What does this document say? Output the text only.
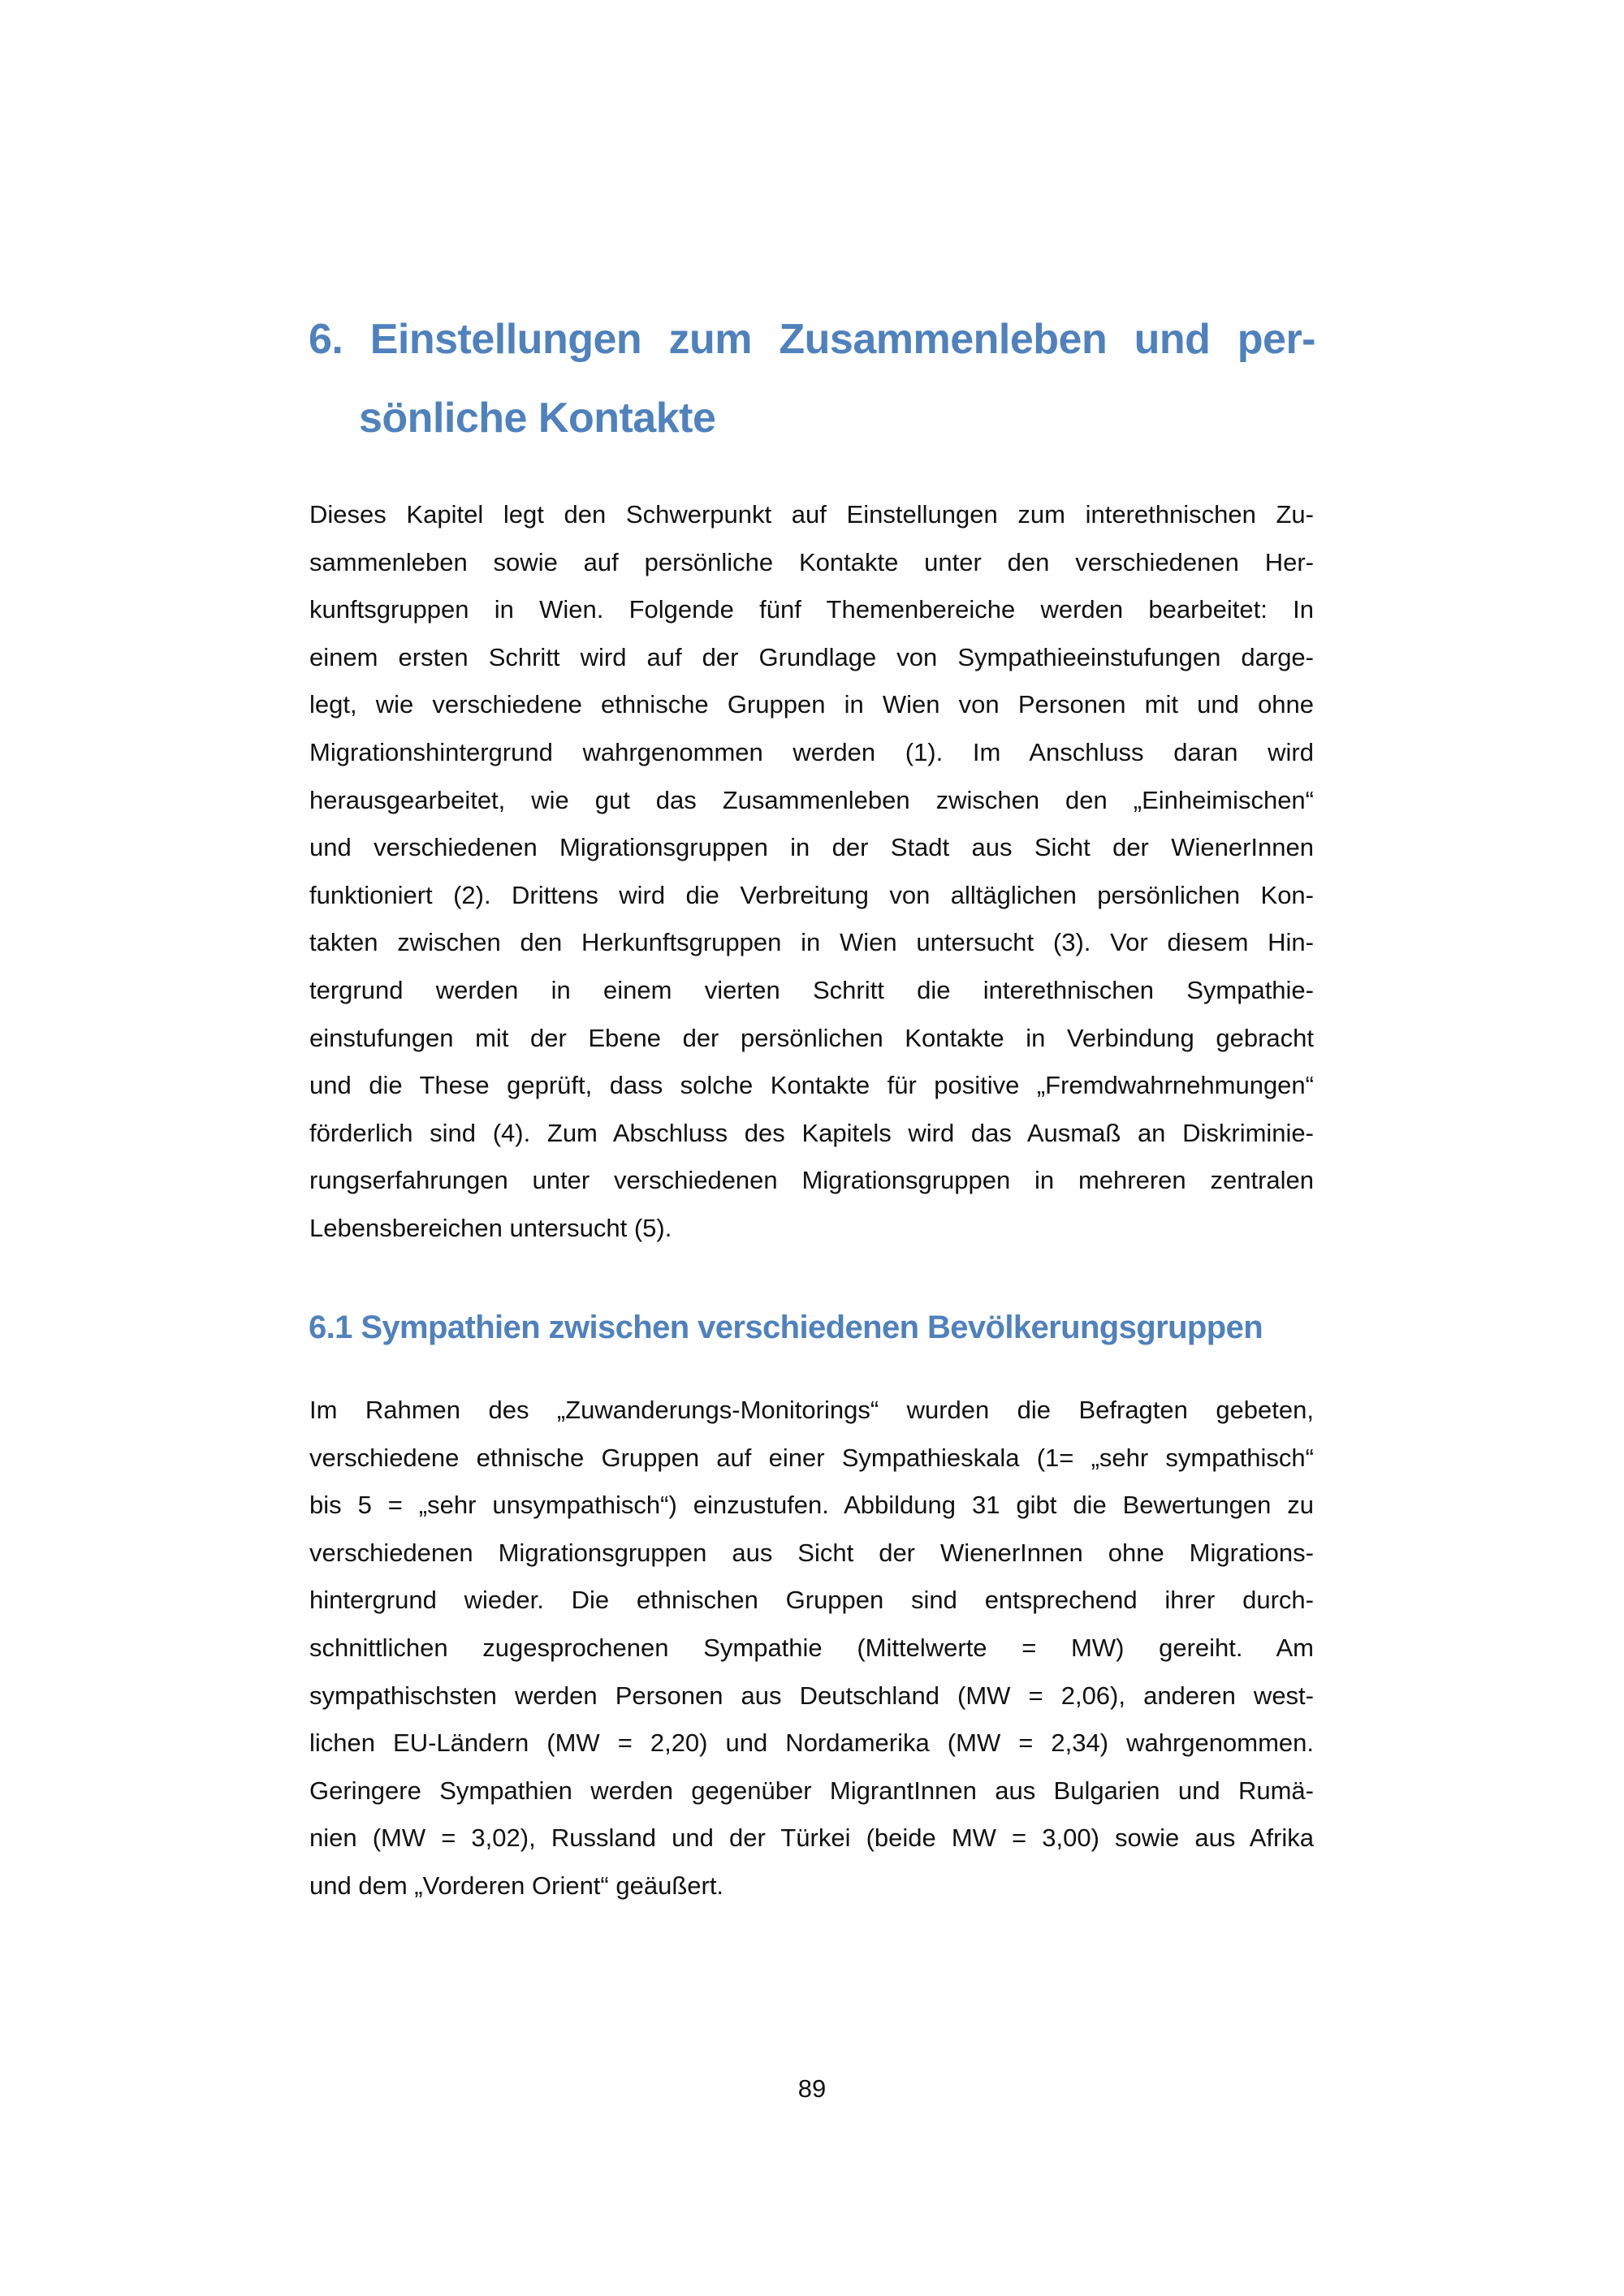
6. Einstellungen zum Zusammenleben und per-
sönliche Kontakte
Dieses Kapitel legt den Schwerpunkt auf Einstellungen zum interethnischen Zu-
sammenleben sowie auf persönliche Kontakte unter den verschiedenen Her-
kunftsgruppen in Wien. Folgende fünf Themenbereiche werden bearbeitet: In
einem ersten Schritt wird auf der Grundlage von Sympathieeinstufungen darge-
legt, wie verschiedene ethnische Gruppen in Wien von Personen mit und ohne
Migrationshintergrund wahrgenommen werden (1). Im Anschluss daran wird
herausgearbeitet, wie gut das Zusammenleben zwischen den „Einheimischen“
und verschiedenen Migrationsgruppen in der Stadt aus Sicht der WienerInnen
funktioniert (2). Drittens wird die Verbreitung von alltäglichen persönlichen Kon-
takten zwischen den Herkunftsgruppen in Wien untersucht (3). Vor diesem Hin-
tergrund werden in einem vierten Schritt die interethnischen Sympathie-
einstufungen mit der Ebene der persönlichen Kontakte in Verbindung gebracht
und die These geprüft, dass solche Kontakte für positive „Fremdwahrnehmungen“
förderlich sind (4). Zum Abschluss des Kapitels wird das Ausmaß an Diskriminie-
rungserfahrungen unter verschiedenen Migrationsgruppen in mehreren zentralen
Lebensbereichen untersucht (5).
6.1 Sympathien zwischen verschiedenen Bevölkerungsgruppen
Im Rahmen des „Zuwanderungs-Monitorings“ wurden die Befragten gebeten,
verschiedene ethnische Gruppen auf einer Sympathieskala (1= „sehr sympathisch“
bis 5 = „sehr unsympathisch“) einzustufen. Abbildung 31 gibt die Bewertungen zu
verschiedenen Migrationsgruppen aus Sicht der WienerInnen ohne Migrations-
hintergrund wieder. Die ethnischen Gruppen sind entsprechend ihrer durch-
schnittlichen zugesprochenen Sympathie (Mittelwerte = MW) gereiht. Am
sympathischsten werden Personen aus Deutschland (MW = 2,06), anderen west-
lichen EU-Ländern (MW = 2,20) und Nordamerika (MW = 2,34) wahrgenommen.
Geringere Sympathien werden gegenüber MigrantInnen aus Bulgarien und Rumä-
nien (MW = 3,02), Russland und der Türkei (beide MW = 3,00) sowie aus Afrika
und dem „Vorderen Orient“ geäußert.
89
